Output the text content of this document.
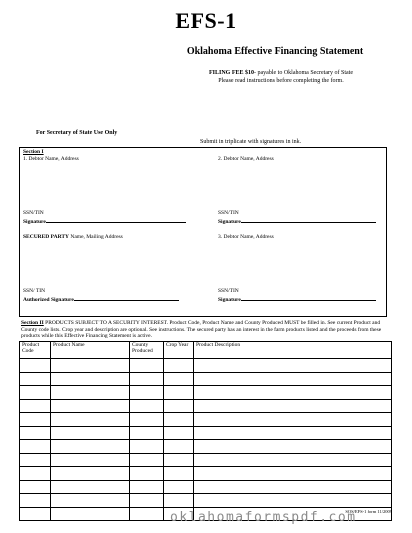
EFS-1
Oklahoma Effective Financing Statement
FILING FEE $10- payable to Oklahoma Secretary of State
Please read instructions before completing the form.
For Secretary of State Use Only
Submit in triplicate with signatures in ink.
Section I
1. Debtor Name, Address	2. Debtor Name, Address
SSN/TIN	SSN/TIN
Signature	Signature
SECURED PARTY Name, Mailing Address	3. Debtor Name, Address
SSN/ TIN	SSN/TIN
Authorized Signature	Signature
Section II PRODUCTS SUBJECT TO A SECURITY INTEREST. Product Code, Product Name and County Produced MUST be filled in. See current Product and County code lists. Crop year and description are optional. See instructions. The secured party has an interest in the farm products listed and the proceeds from these products while this Effective Financing Statement is active.
Product Code	Product Name	County Produced	Crop Year	Product Description

SOS/EFS-1 form 11/2009
oklahomaformspdf.com
